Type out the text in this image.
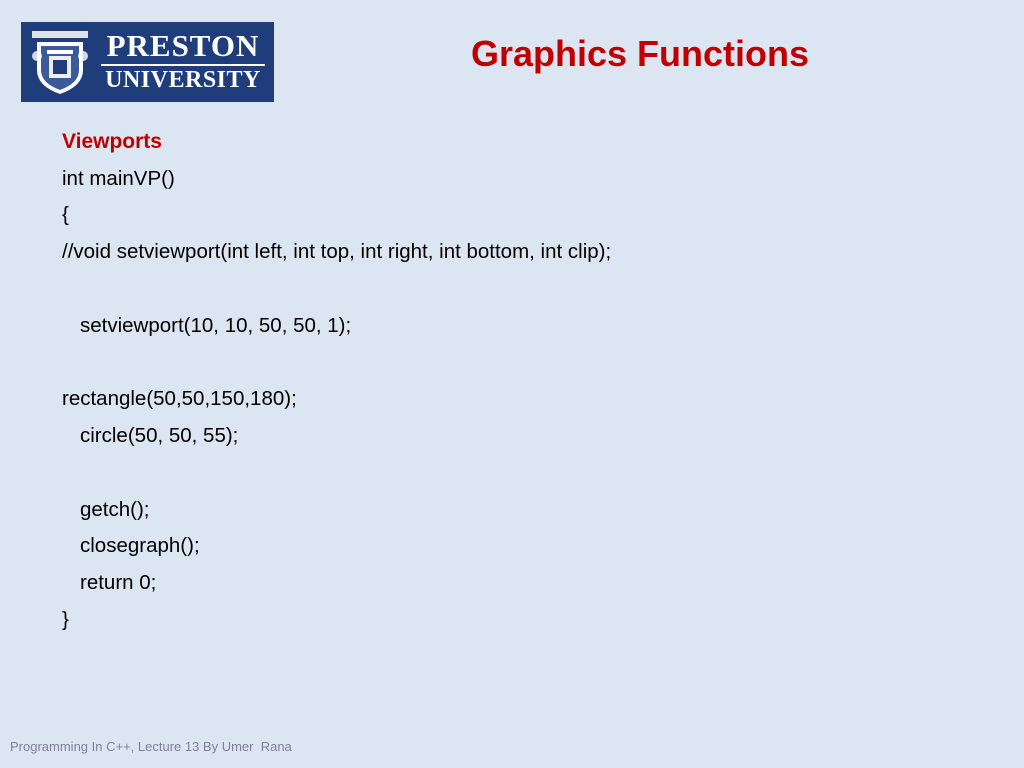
PRESTON
UNIVERSITY
Graphics Functions
Viewports
int mainVP()
{
//void setviewport(int left, int top, int right, int bottom, int clip);
setviewport(10, 10, 50, 50, 1);
rectangle(50,50,150,180);
circle(50, 50, 55);
getch();
closegraph();
return 0;
}
Programming In C++, Lecture 13 By Umer  Rana
